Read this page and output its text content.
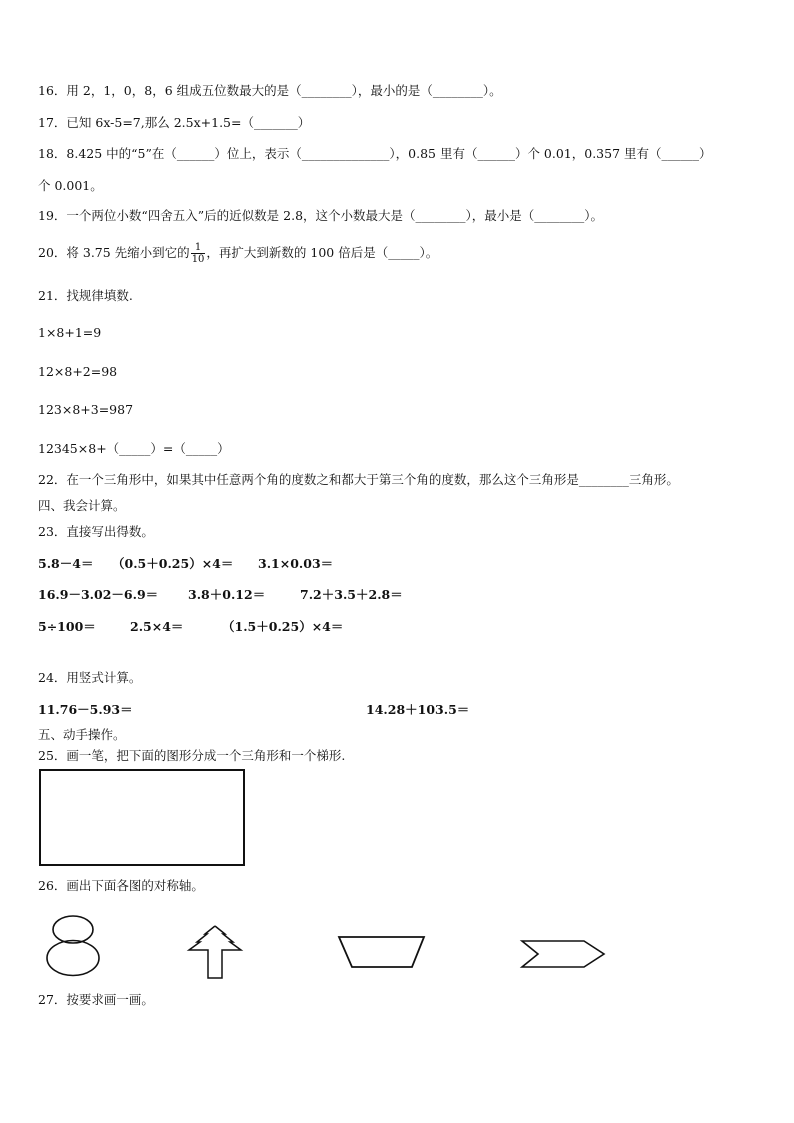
16．用 2，1，0，8，6 组成五位数最大的是（________），最小的是（________）。
17．已知 6x-5=7,那么 2.5x+1.5=（_______）
18．8.425 中的“5”在（______）位上，表示（______________），0.85 里有（______）个 0.01，0.357 里有（______）
个 0.001。
19．一个两位小数“四舍五入”后的近似数是 2.8，这个小数最大是（________），最小是（________）。
20．将 3.75 先缩小到它的 $\frac{1}{10}$ ，再扩大到新数的 100 倍后是（_____）。
21．找规律填数.
1×8+1=9
12×8+2=98
123×8+3=987
12345×8+（_____）=（_____）
22．在一个三角形中，如果其中任意两个角的度数之和都大于第三个角的度数，那么这个三角形是________三角形。
四、我会计算。
23．直接写出得数。
5.8－4＝ （0.5＋0.25）×4＝ 3.1×0.03＝
16.9－3.02－6.9＝ 3.8＋0.12＝	7.2＋3.5＋2.8＝
5÷100＝	2.5×4＝	（1.5＋0.25）×4＝
24．用竖式计算。
11.76－5.93＝	14.28＋103.5＝
五、动手操作。
25．画一笔，把下面的图形分成一个三角形和一个梯形.
26．画出下面各图的对称轴。
27．按要求画一画。
